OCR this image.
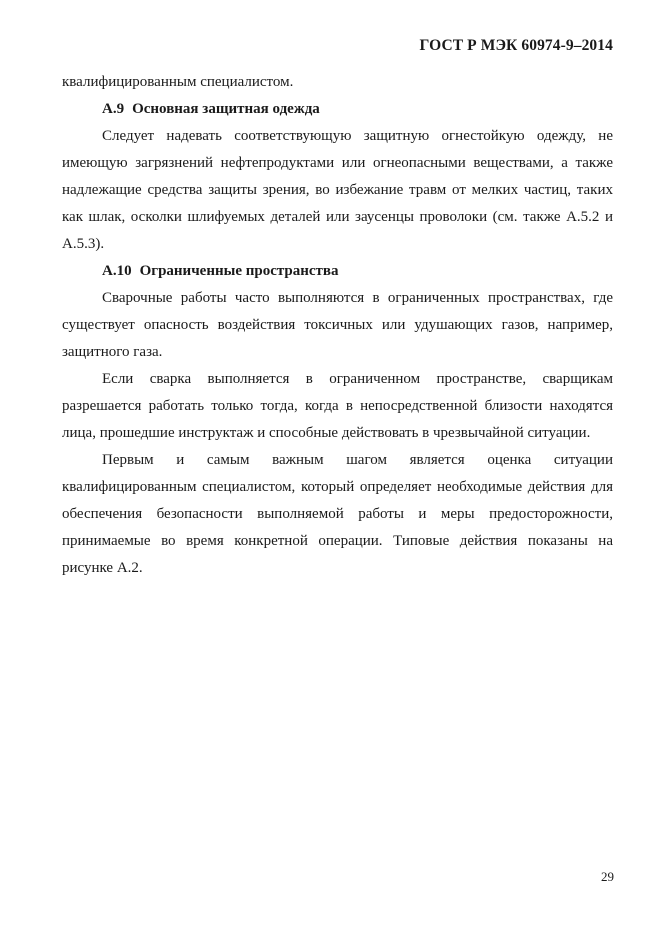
ГОСТ Р МЭК 60974-9–2014

квалифицированным специалистом.

A.9 Основная защитная одежда

Следует надевать соответствующую защитную огнестойкую одежду, не имеющую загрязнений нефтепродуктами или огнеопасными веществами, а также надлежащие средства защиты зрения, во избежание травм от мелких частиц, таких как шлак, осколки шлифуемых деталей или заусенцы проволоки (см. также А.5.2 и А.5.3).

A.10 Ограниченные пространства

Сварочные работы часто выполняются в ограниченных пространствах, где существует опасность воздействия токсичных или удушающих газов, например, защитного газа.

Если сварка выполняется в ограниченном пространстве, сварщикам разрешается работать только тогда, когда в непосредственной близости находятся лица, прошедшие инструктаж и способные действовать в чрезвычайной ситуации.

Первым и самым важным шагом является оценка ситуации квалифицированным специалистом, который определяет необходимые действия для обеспечения безопасности выполняемой работы и меры предосторожности, принимаемые во время конкретной операции. Типовые действия показаны на рисунке А.2.

29
